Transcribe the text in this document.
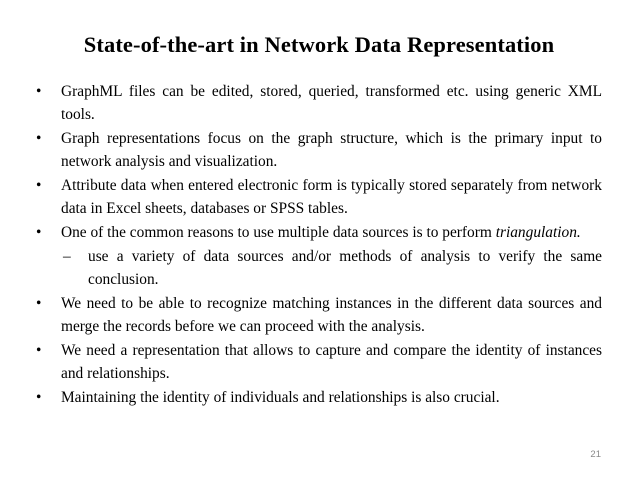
State-of-the-art in Network Data Representation
•	GraphML files can be edited, stored, queried, transformed etc. using generic XML tools.
•	Graph representations focus on the graph structure, which is the primary input to network analysis and visualization.
•	Attribute data when entered electronic form is typically stored separately from network data in Excel sheets, databases or SPSS tables.
•	One of the common reasons to use multiple data sources is to perform triangulation.
– use a variety of data sources and/or methods of analysis to verify the same conclusion.
•	We need to be able to recognize matching instances in the different data sources and merge the records before we can proceed with the analysis.
•	We need a representation that allows to capture and compare the identity of instances and relationships.
•	Maintaining the identity of individuals and relationships is also crucial.
21
